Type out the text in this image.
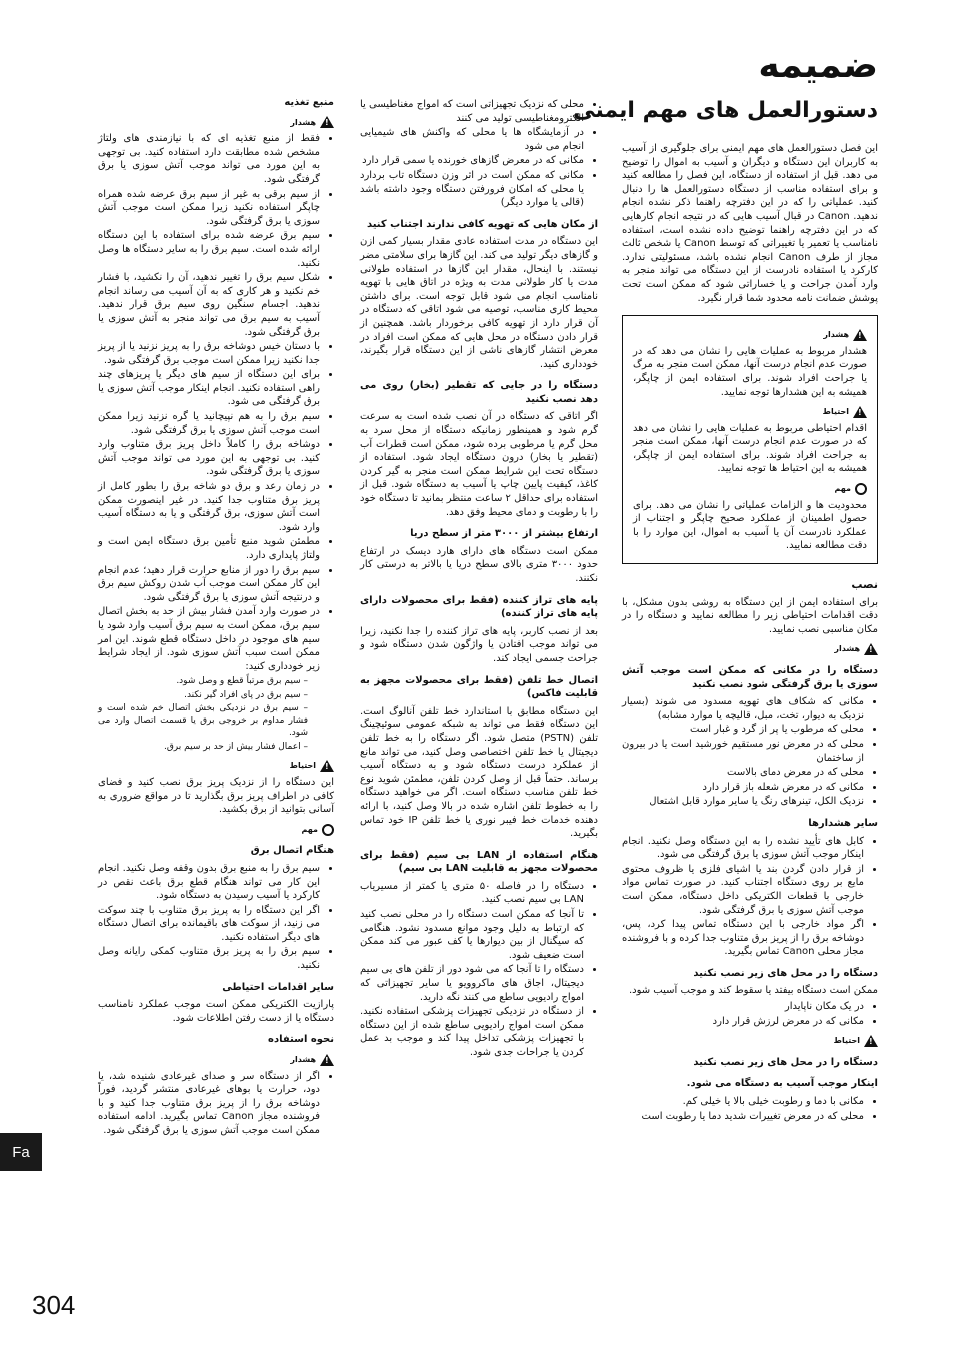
ضمیمه
دستورالعمل های مهم ایمنی

این فصل دستورالعمل های مهم ایمنی برای جلوگیری از آسیب به کاربران این دستگاه و دیگران و آسیب به اموال را توضیح می دهد. قبل از استفاده از دستگاه، این فصل را مطالعه کنید و برای استفاده مناسب از دستگاه دستورالعمل ها را دنبال کنید. عملیاتی را که در این دفترچه راهنما ذکر نشده انجام ندهید. Canon در قبال آسیب هایی که در نتیجه انجام کارهایی که در این دفترچه راهنما توضیح داده نشده است، استفاده نامناسب یا تعمیر یا تغییراتی که توسط Canon یا شخص ثالث مجاز از طرف Canon انجام نشده باشد، مسئولیتی ندارد. کارکرد یا استفاده نادرست از این دستگاه می تواند منجر به وارد آمدن جراحت و یا خساراتی شود که ممکن است تحت پوشش ضمانت نامه محدود شما قرار نگیرد.

!
هشدار

هشدار مربوط به عملیات هایی را نشان می دهد که در صورت عدم انجام درست آنها، ممکن است منجر به مرگ یا جراحت افراد شوند. برای استفاده ایمن از چاپگر، همیشه به این هشدارها توجه نمایید.

!
احتیاط

اقدام احتیاطی مربوط به عملیات هایی را نشان می دهد که در صورت عدم انجام درست آنها، ممکن است منجر به جراحت افراد شوند. برای استفاده ایمن از چاپگر، همیشه به این احتیاط ها توجه نمایید.

مهم

محدودیت ها و الزامات عملیاتی را نشان می دهد. برای حصول اطمینان از عملکرد صحیح چاپگر و اجتناب از عملکرد نادرست آن یا آسیب به اموال، این موارد را با دقت مطالعه نمایید.

نصب

برای استفاده ایمن از این دستگاه به روشی بدون مشکل، با دقت اقدامات احتیاطی زیر را مطالعه نمایید و دستگاه را در مکان مناسبی نصب نمایید.

!
هشدار
دستگاه را در مکانی که ممکن است موجب آتش سوزی یا برق گرفتگی شود نصب نکنید
• مکانی که شکاف های تهویه مسدود می شوند (بسیار نزدیک به دیوار، تخت، مبل، قالیچه یا موارد مشابه)
• محلی که مرطوب یا پر از گرد و غبار است
• محلی که در معرض نور مستقیم خورشید است یا در بیرون از ساختمان
• محلی که در معرض دمای بالاست
• مکانی که در معرض شعله باز قرار دارد
• نزدیک الکل، تینرهای رنگ یا سایر موارد قابل اشتعال
سایر هشدارها
• کابل های تأیید نشده را به این دستگاه وصل نکنید. انجام اینکار موجب آتش سوزی یا برق گرفتگی می شود.
• از قرار دادن گردن بند یا اشیای فلزی یا ظروف محتوی مایع بر روی دستگاه اجتناب کنید. در صورت تماس مواد خارجی با قطعات الکتریکی داخل دستگاه، ممکن است موجب آتش سوزی یا برق گرفتگی شود.
• اگر مواد خارجی با این دستگاه تماس پیدا کرد، پس، دوشاخه برق را از پریز برق متناوب جدا کرده و با فروشنده مجاز محلی Canon تماس بگیرید.
دستگاه را در محل های زیر نصب نکنید

ممکن است دستگاه بیفتد یا سقوط کند و موجب آسیب شود.

• در یک مکان ناپایدار
• مکانی که در معرض لرزش قرار دارد
!
احتیاط
دستگاه را در محل های زیر نصب نکنید
اینکار موجب آسیب به دستگاه می شود.
• مکانی با دما و رطوبت خیلی بالا یا خیلی کم.
• محلی که در معرض تغییرات شدید دما یا رطوبت است
• محلی که نزدیک تجهیزاتی است که امواج مغناطیسی یا الکترومغناطیسی تولید می کنند
• در آزمایشگاه ها یا محلی که واکنش های شیمیایی انجام می شود
• مکانی که در معرض گازهای خورنده یا سمی قرار دارد
• مکانی که ممکن است در اثر وزن دستگاه تاب بردارد یا محلی که امکان فرورفتن دستگاه وجود داشته باشد (قالی یا موارد دیگر)
از مکان هایی که تهویه کافی ندارند اجتناب کنید

این دستگاه در مدت استفاده عادی مقدار بسیار کمی ازن و گازهای دیگر تولید می کند. این گازها برای سلامتی مضر نیستند. با اینحال، مقدار این گازها در استفاده طولانی مدت یا کار طولانی مدت به ویژه در اتاق هایی با تهویه نامناسب انجام می شود قابل توجه است. برای داشتن محیط کاری مناسب، توصیه می شود اتاقی که دستگاه در آن قرار دارد از تهویه کافی برخوردار باشد. همچنین از قرار دادن دستگاه در محل هایی که ممکن است افراد در معرض انتشار گازهای ناشی از این دستگاه قرار بگیرند، خودداری کنید.

دستگاه را در جایی که تقطیر (بخار) روی می دهد نصب نکنید

اگر اتاقی که دستگاه در آن نصب شده است به سرعت گرم شود و همینطور زمانیکه دستگاه از محل سرد به محل گرم یا مرطوبی برده شود، ممکن است قطرات آب (تقطیر یا بخار) درون دستگاه ایجاد شود. استفاده از دستگاه تحت این شرایط ممکن است منجر به گیر کردن کاغذ، کیفیت پایین چاپ یا آسیب به دستگاه شود. قبل از استفاده برای حداقل ۲ ساعت منتظر بمانید تا دستگاه خود را با رطوبت و دمای محیط وفق دهد.

ارتفاع بیشتر از ۳۰۰۰ متر از سطح دریا

ممکن است دستگاه های دارای هارد دیسک در ارتفاع حدود ۳۰۰۰ متری بالای سطح دریا یا بالاتر به درستی کار نکنند.

پایه های تراز کننده (فقط برای محصولات دارای پایه های تراز کننده)

بعد از نصب کاربر، پایه های تراز کننده را جدا نکنید، زیرا می تواند موجب افتادن یا واژگون شدن دستگاه شود و جراحت جسمی ایجاد کند.

اتصال خط تلفن (فقط برای محصولات مجهز به قابلیت فاکس)

این دستگاه مطابق با استاندارد خط تلفن آنالوگ است. این دستگاه فقط می تواند به شبکه عمومی سوئیچینگ تلفن (PSTN) متصل شود. اگر دستگاه را به خط تلفن دیجیتال یا خط تلفن اختصاصی وصل کنید، می تواند مانع از عملکرد درست دستگاه شود و به دستگاه آسیب برساند. حتماً قبل از وصل کردن تلفن، مطمئن شوید نوع خط تلفن مناسب دستگاه است. اگر می خواهید دستگاه را به خطوط تلفن اشاره شده در بالا وصل کنید، با ارائه دهنده خدمات خط فیبر نوری یا خط تلفن IP خود تماس بگیرید.

هنگام استفاده از LAN بی سیم (فقط برای محصولات مجهز به قابلیت LAN بی سیم)
• دستگاه را در فاصله ۵۰ متری یا کمتر از مسیریاب LAN بی سیم نصب کنید.
• تا آنجا که ممکن است دستگاه را در محلی نصب کنید که ارتباط به دلیل وجود موانع مسدود نشود. هنگامی که سیگنال از بین دیوارها یا کف عبور می کند ممکن است ضعیف شود.
• دستگاه را تا آنجا که می شود دور از تلفن های بی سیم دیجیتال، اجاق های ماکروویو یا سایر تجهیزاتی که امواج رادیویی ساطع می کنند نگه دارید.
• از دستگاه در نزدیکی تجهیزات پزشکی استفاده نکنید. ممکن است امواج رادیویی ساطع شده از این دستگاه با تجهیزات پزشکی تداخل پیدا کند و موجب بد عمل کردن یا جراحات جدی شود.
منبع تغذیه
!
هشدار
• فقط از منبع تغذیه ای که با نیازمندی های ولتاژ مشخص شده مطابقت دارد استفاده کنید. بی توجهی به این مورد می تواند موجب آتش سوزی یا برق گرفتگی شود.
• از سیم برقی به غیر از سیم برق عرضه شده همراه چاپگر استفاده نکنید زیرا ممکن است موجب آتش سوزی یا برق گرفتگی شود.
• سیم برق عرضه شده برای استفاده با این دستگاه ارائه شده است. سیم برق را به سایر دستگاه ها وصل نکنید.
• شکل سیم برق را تغییر ندهید، آن را نکشید، با فشار خم نکنید و هر کاری که به آن آسیب می رساند انجام ندهید. اجسام سنگین روی سیم برق قرار ندهید. آسیب به سیم برق می تواند منجر به آتش سوزی یا برق گرفتگی شود.
• با دستان خیس دوشاخه برق را به پریز نزنید یا از پریز جدا نکنید زیرا ممکن است موجب برق گرفتگی شود.
• برای این دستگاه از سیم های دیگر یا پریزهای چند راهی استفاده نکنید. انجام اینکار موجب آتش سوزی یا برق گرفتگی می شود.
• سیم برق را به هم نپیچانید یا گره نزنید زیرا ممکن است موجب آتش سوزی یا برق گرفتگی شود.
• دوشاخه برق را کاملاً داخل پریز برق متناوب وارد کنید. بی توجهی به این مورد می تواند موجب آتش سوزی یا برق گرفتگی شود.
• در زمان رعد و برق دو شاخه برق را بطور کامل از پریز برق متناوب جدا کنید. در غیر اینصورت ممکن است آتش سوزی، برق گرفتگی و یا به دستگاه آسیب وارد شود.
• مطمئن شوید منبع تأمین برق دستگاه ایمن است و ولتاژ پایداری دارد.
• سیم برق را دور از منابع حرارت قرار دهید؛ عدم انجام این کار ممکن است موجب آب شدن روکش سیم برق و درنتیجه آتش سوزی یا برق گرفتگی شود.
• در صورت وارد آمدن فشار بیش از حد به بخش اتصال سیم برق، ممکن است به سیم برق آسیب وارد شود یا سیم های موجود در داخل دستگاه قطع شوند. این امر ممکن است سبب آتش سوزی شود. از ایجاد شرایط زیر خودداری کنید:
– سیم برق مرتباً قطع و وصل شود.
– سیم برق در پای افراد گیر نکند.
– سیم برق در نزدیکی بخش اتصال خم شده است و فشار مداوم بر خروجی برق یا قسمت اتصال وارد می شود.
– اعمال فشار بیش از حد بر سیم برق.
!
احتیاط

این دستگاه را از نزدیک پریز برق نصب کنید و فضای کافی در اطراف پریز برق بگذارید تا در مواقع ضروری به آسانی بتوانید از برق بکشید.

مهم
هنگام اتصال برق
• سیم برق را به منبع برق بدون وقفه وصل نکنید. انجام این کار می تواند هنگام قطع برق باعث نقص در کارکرد یا آسیب رسیدن به دستگاه شود.
• اگر این دستگاه را به پریز برق متناوب با چند سوکت می زنید، از سوکت های باقیمانده برای اتصال دستگاه های دیگر استفاده نکنید.
• سیم برق را به پریز برق متناوب کمکی رایانه وصل نکنید.
سایر اقدامات احتیاطی

پارازیت الکتریکی ممکن است موجب عملکرد نامناسب دستگاه یا از دست رفتن اطلاعات شود.

نحوه استفاده
!
هشدار
• اگر از دستگاه سر و صدای غیرعادی شنیده شد، یا دود، حرارت یا بوهای غیرعادی منتشر گردید، فوراً دوشاخه برق را از پریز برق متناوب جدا کنید و با فروشنده مجاز Canon تماس بگیرید. ادامه استفاده ممکن است موجب آتش سوزی یا برق گرفتگی شود.
Fa
304
